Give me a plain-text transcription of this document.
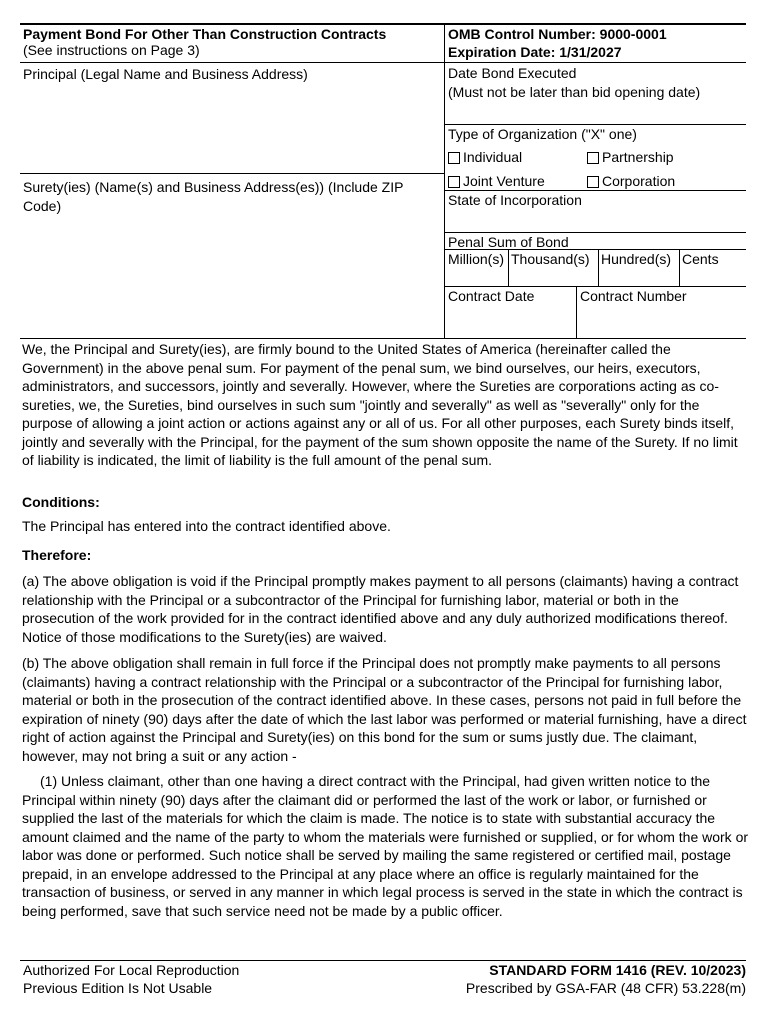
Payment Bond For Other Than Construction Contracts
(See instructions on Page 3)
OMB Control Number: 9000-0001
Expiration Date: 1/31/2027
Principal (Legal Name and Business Address)
Surety(ies) (Name(s) and Business Address(es)) (Include ZIP
Code)
Date Bond Executed
(Must not be later than bid opening date)
Type of Organization ("X" one)
Individual	Partnership
Joint Venture	Corporation
State of Incorporation
Penal Sum of Bond
Million(s) Thousand(s) Hundred(s) Cents
Contract Date	Contract Number
We, the Principal and Surety(ies), are firmly bound to the United States of America (hereinafter called the Government) in the above penal sum. For payment of the penal sum, we bind ourselves, our heirs, executors, administrators, and successors, jointly and severally. However, where the Sureties are corporations acting as co-sureties, we, the Sureties, bind ourselves in such sum "jointly and severally" as well as "severally" only for the purpose of allowing a joint action or actions against any or all of us. For all other purposes, each Surety binds itself, jointly and severally with the Principal, for the payment of the sum shown opposite the name of the Surety. If no limit of liability is indicated, the limit of liability is the full amount of the penal sum.
Conditions:
The Principal has entered into the contract identified above.
Therefore:
(a) The above obligation is void if the Principal promptly makes payment to all persons (claimants) having a contract relationship with the Principal or a subcontractor of the Principal for furnishing labor, material or both in the prosecution of the work provided for in the contract identified above and any duly authorized modifications thereof. Notice of those modifications to the Surety(ies) are waived.
(b) The above obligation shall remain in full force if the Principal does not promptly make payments to all persons (claimants) having a contract relationship with the Principal or a subcontractor of the Principal for furnishing labor, material or both in the prosecution of the contract identified above. In these cases, persons not paid in full before the expiration of ninety (90) days after the date of which the last labor was performed or material furnishing, have a direct right of action against the Principal and Surety(ies) on this bond for the sum or sums justly due. The claimant, however, may not bring a suit or any action -
(1) Unless claimant, other than one having a direct contract with the Principal, had given written notice to the Principal within ninety (90) days after the claimant did or performed the last of the work or labor, or furnished or supplied the last of the materials for which the claim is made. The notice is to state with substantial accuracy the amount claimed and the name of the party to whom the materials were furnished or supplied, or for whom the work or labor was done or performed. Such notice shall be served by mailing the same registered or certified mail, postage prepaid, in an envelope addressed to the Principal at any place where an office is regularly maintained for the transaction of business, or served in any manner in which legal process is served in the state in which the contract is being performed, save that such service need not be made by a public officer.
Authorized For Local Reproduction
Previous Edition Is Not Usable
STANDARD FORM 1416 (REV. 10/2023)
Prescribed by GSA-FAR (48 CFR) 53.228(m)
